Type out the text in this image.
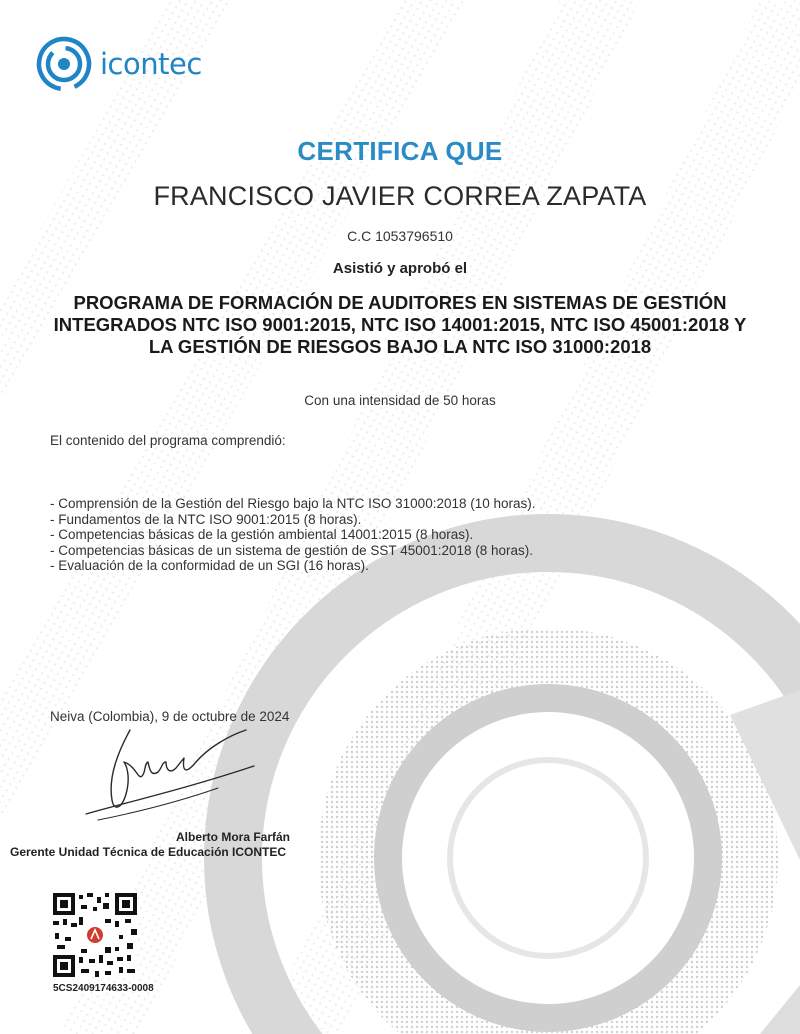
icontec
CERTIFICA QUE
FRANCISCO JAVIER CORREA ZAPATA
C.C 1053796510
Asistió y aprobó el
PROGRAMA DE FORMACIÓN DE AUDITORES EN SISTEMAS DE GESTIÓN
INTEGRADOS NTC ISO 9001:2015, NTC ISO 14001:2015, NTC ISO 45001:2018 Y
LA GESTIÓN DE RIESGOS BAJO LA NTC ISO 31000:2018
Con una intensidad de 50 horas
El contenido del programa comprendió:
- Comprensión de la Gestión del Riesgo bajo la NTC ISO 31000:2018 (10 horas).
- Fundamentos de la NTC ISO 9001:2015 (8 horas).
- Competencias básicas de la gestión ambiental 14001:2015 (8 horas).
- Competencias básicas de un sistema de gestión de SST 45001:2018 (8 horas).
- Evaluación de la conformidad de un SGI (16 horas).
Neiva (Colombia), 9 de octubre de 2024
Alberto Mora Farfán
Gerente Unidad Técnica de Educación ICONTEC
5CS2409174633-0008
